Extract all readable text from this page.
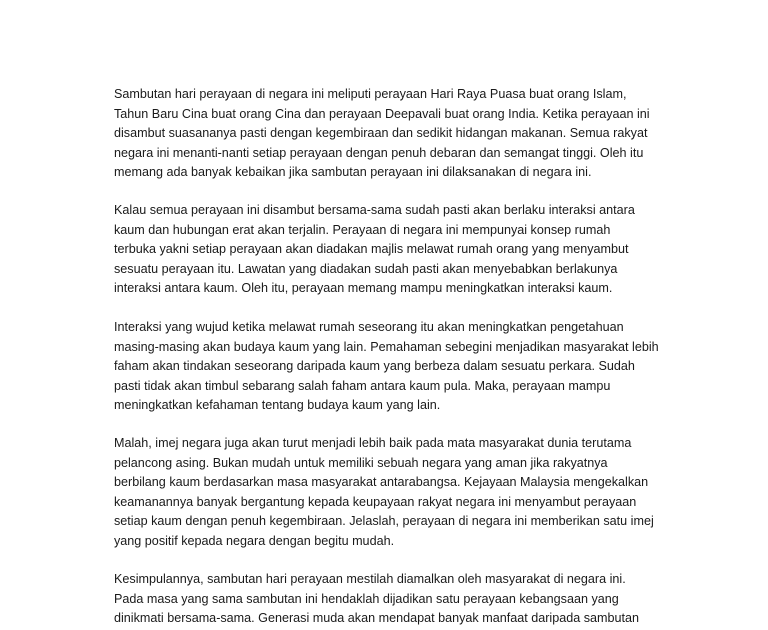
Sambutan hari perayaan di negara ini meliputi perayaan Hari Raya Puasa buat orang Islam,
Tahun Baru Cina buat orang Cina dan perayaan Deepavali buat orang India. Ketika perayaan ini
disambut suasananya pasti dengan kegembiraan dan sedikit hidangan makanan. Semua rakyat
negara ini menanti-nanti setiap perayaan dengan penuh debaran dan semangat tinggi. Oleh itu
memang ada banyak kebaikan jika sambutan perayaan ini dilaksanakan di negara ini.

Kalau semua perayaan ini disambut bersama-sama sudah pasti akan berlaku interaksi antara
kaum dan hubungan erat akan terjalin. Perayaan di negara ini mempunyai konsep rumah
terbuka yakni setiap perayaan akan diadakan majlis melawat rumah orang yang menyambut
sesuatu perayaan itu. Lawatan yang diadakan sudah pasti akan menyebabkan berlakunya
interaksi antara kaum. Oleh itu, perayaan memang mampu meningkatkan interaksi kaum.

Interaksi yang wujud ketika melawat rumah seseorang itu akan meningkatkan pengetahuan
masing-masing akan budaya kaum yang lain. Pemahaman sebegini menjadikan masyarakat lebih
faham akan tindakan seseorang daripada kaum yang berbeza dalam sesuatu perkara. Sudah
pasti tidak akan timbul sebarang salah faham antara kaum pula. Maka, perayaan mampu
meningkatkan kefahaman tentang budaya kaum yang lain.

Malah, imej negara juga akan turut menjadi lebih baik pada mata masyarakat dunia terutama
pelancong asing. Bukan mudah untuk memiliki sebuah negara yang aman jika rakyatnya
berbilang kaum berdasarkan masa masyarakat antarabangsa. Kejayaan Malaysia mengekalkan
keamanannya banyak bergantung kepada keupayaan rakyat negara ini menyambut perayaan
setiap kaum dengan penuh kegembiraan. Jelaslah, perayaan di negara ini memberikan satu imej
yang positif kepada negara dengan begitu mudah.

Kesimpulannya, sambutan hari perayaan mestilah diamalkan oleh masyarakat di negara ini.
Pada masa yang sama sambutan ini hendaklah dijadikan satu perayaan kebangsaan yang
dinikmati bersama-sama. Generasi muda akan mendapat banyak manfaat daripada sambutan
